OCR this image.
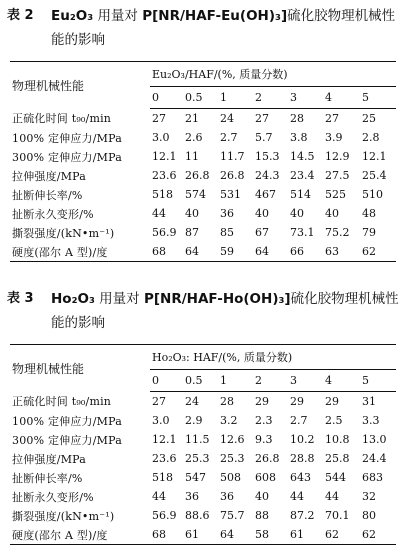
表 2 Eu₂O₃ 用量对 P[NR/HAF-Eu(OH)₃]硫化胶物理机械性能的影响

物理机械性能	Eu₂O₃/HAF/(%, 质量分数)						
	0	0.5	1	2	3	4	5
正硫化时间 t₉₀/min	27	21	24	27	28	27	25
100% 定伸应力/MPa	3.0	2.6	2.7	5.7	3.8	3.9	2.8
300% 定伸应力/MPa	12.1	11	11.7	15.3	14.5	12.9	12.1
拉伸强度/MPa	23.6	26.8	26.8	24.3	23.4	27.5	25.4
扯断伸长率/%	518	574	531	467	514	525	510
扯断永久变形/%	44	40	36	40	40	40	48
撕裂强度/(kN•m⁻¹)	56.9	87	85	67	73.1	75.2	79
硬度(邵尔 A 型)/度	68	64	59	64	66	63	62
表 3 Ho₂O₃ 用量对 P[NR/HAF-Ho(OH)₃]硫化胶物理机械性能的影响

物理机械性能	Ho₂O₃: HAF/(%, 质量分数)						
	0	0.5	1	2	3	4	5
正硫化时间 t₉₀/min	27	24	28	29	29	29	31
100% 定伸应力/MPa	3.0	2.9	3.2	2.3	2.7	2.5	3.3
300% 定伸应力/MPa	12.1	11.5	12.6	9.3	10.2	10.8	13.0
拉伸强度/MPa	23.6	25.3	25.3	26.8	28.8	25.8	24.4
扯断伸长率/%	518	547	508	608	643	544	683
扯断永久变形/%	44	36	36	40	44	44	32
撕裂强度/(kN•m⁻¹)	56.9	88.6	75.7	88	87.2	70.1	80
硬度(邵尔 A 型)/度	68	61	64	58	61	62	62
